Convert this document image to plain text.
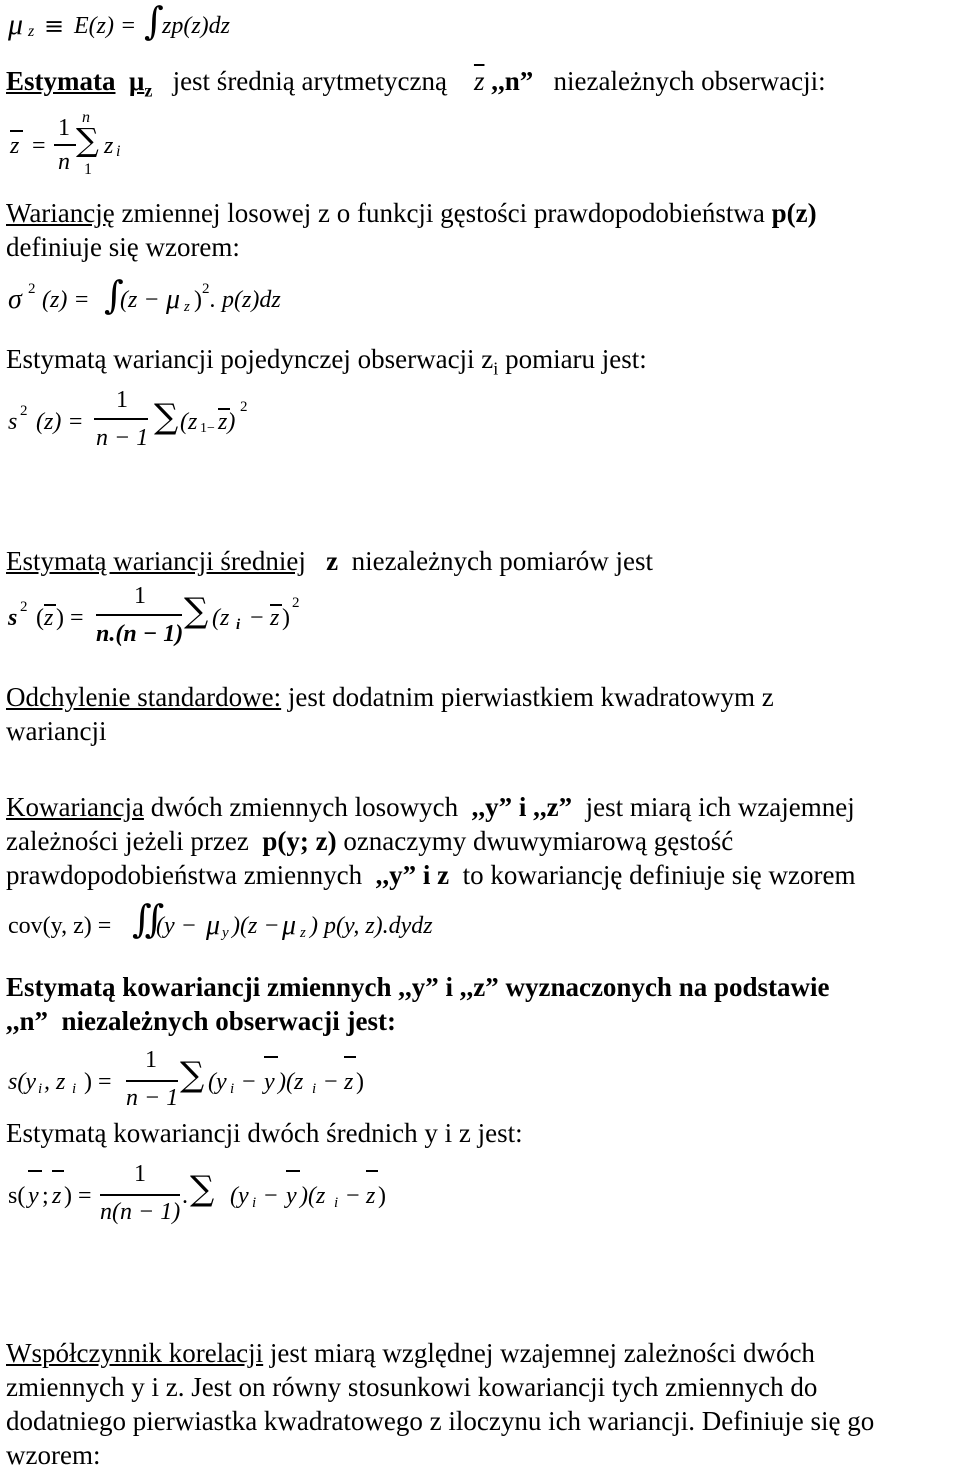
μ z ≡ E(z) = ∫
zp(z)dz
Estymata $\mu_z$ jest średnią arytmetyczną $\overline{z}$ ,,n” niezależnych obserwacji:
z =
1
n
n
∑
1
z i
Wariancję zmiennej losowej z o funkcji gęstości prawdopodobieństwa p(z)
definiuje się wzorem:
σ 2 (z) = ∫
(z − μ z ) 2 . p(z)dz
Estymatą wariancji pojedynczej obserwacji $z_i$ pomiaru jest:
s 2 (z) =
1
n − 1
∑ (z 1− z)
2
Estymatą wariancji średniej z niezależnych pomiarów jest
s 2 ( z ) =
1
n.(n − 1)
∑ (z i − z )
2
Odchylenie standardowe: jest dodatnim pierwiastkiem kwadratowym z
wariancji
Kowariancja dwóch zmiennych losowych ,,y” i ,,z” jest miarą ich wzajemnej
zależności jeżeli przez p(y; z) oznaczymy dwuwymiarową gęstość
prawdopodobieństwa zmiennych ,,y” i z to kowariancję definiuje się wzorem
cov(y, z) = ∬
(y − μ y )(z − μ z ) p(y, z).dydz
Estymatą kowariancji zmiennych ,,y” i ,,z” wyznaczonych na podstawie
,,n” niezależnych obserwacji jest:
s(y i , z i ) =
1
n − 1
∑ (y i − y )(z i − z )
Estymatą kowariancji dwóch średnich y i z jest:
s( y ; z ) =
1
n(n − 1)
. ∑ (y i − y )(z i − z )
Współczynnik korelacji jest miarą względnej wzajemnej zależności dwóch
zmiennych y i z. Jest on równy stosunkowi kowariancji tych zmiennych do
dodatniego pierwiastka kwadratowego z iloczynu ich wariancji. Definiuje się go
wzorem:
